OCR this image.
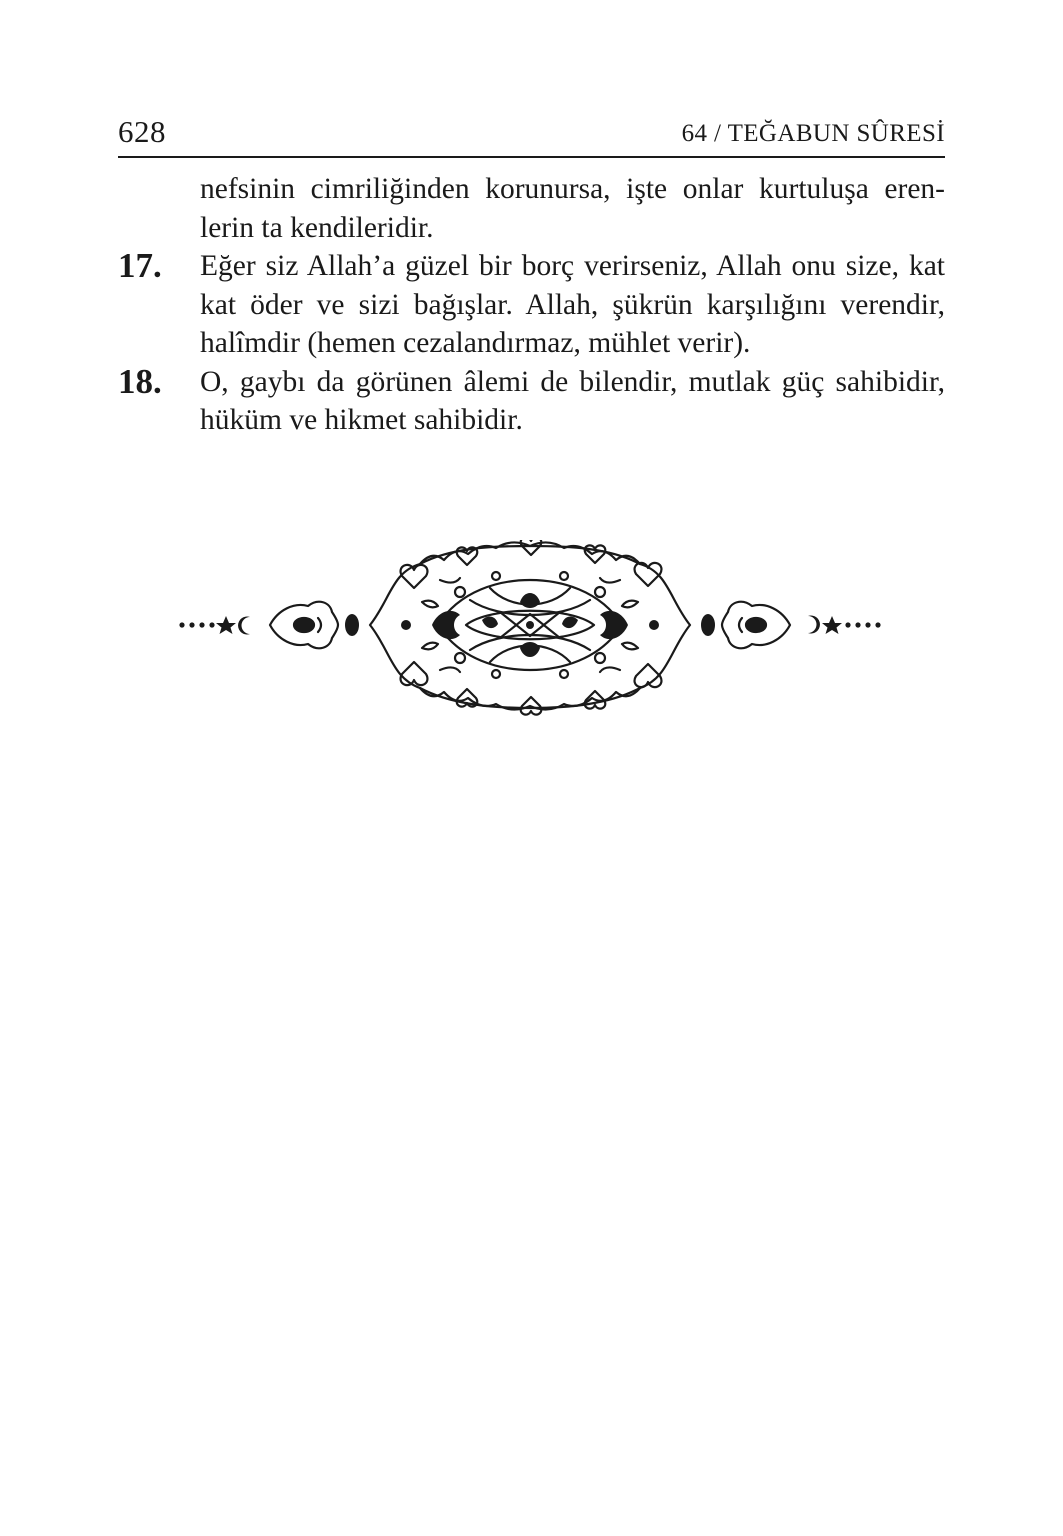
628	64 / TEĞABUN SÛRESİ
nefsinin cimriliğinden korunursa, işte onlar kurtuluşa eren- lerin ta kendileridir.
17. Eğer siz Allah’a güzel bir borç verirseniz, Allah onu size, kat kat öder ve sizi bağışlar. Allah, şükrün karşılığını verendir, halîmdir (hemen cezalandırmaz, mühlet verir).
18. O, gaybı da görünen âlemi de bilendir, mutlak güç sahibidir, hüküm ve hikmet sahibidir.
